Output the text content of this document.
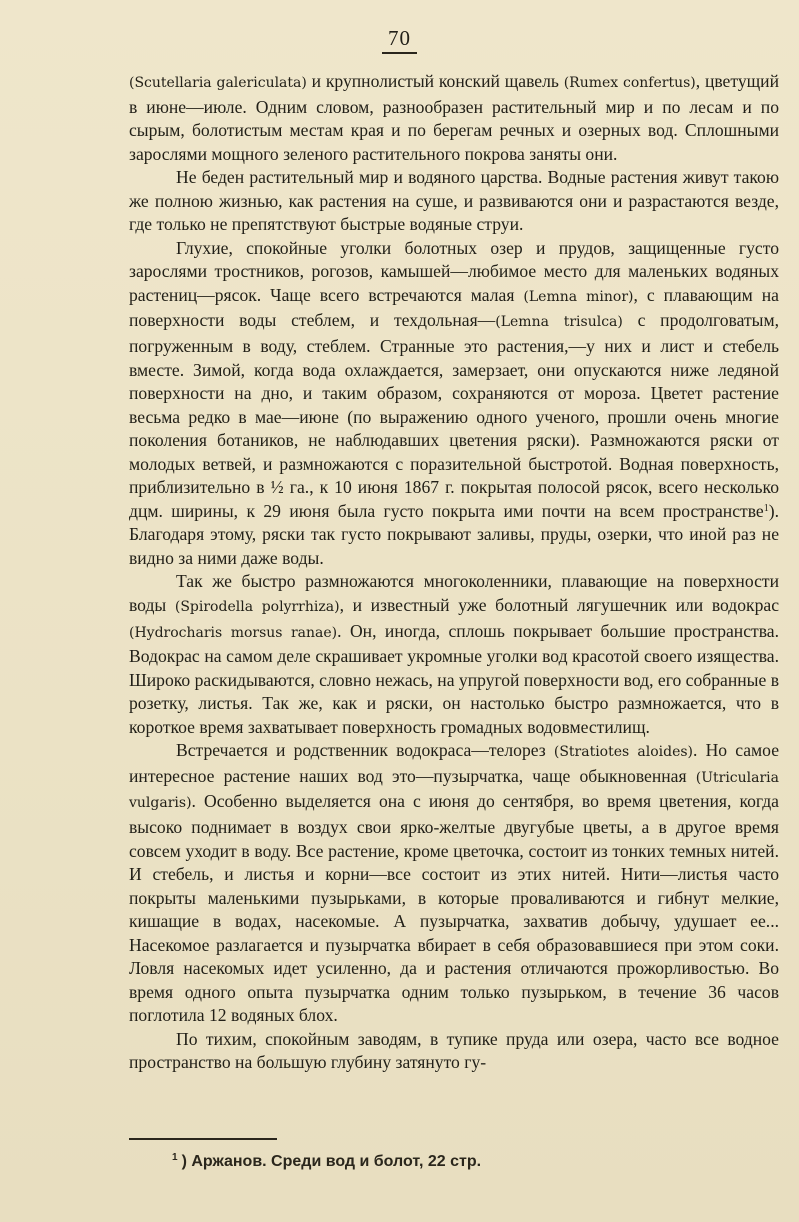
70

(Scutellaria galericulata) и крупнолистый конский щавель (Rumex confertus), цветущий в июне—июле. Одним словом, разнообразен растительный мир и по лесам и по сырым, болотистым местам края и по берегам речных и озерных вод. Сплошными зарослями мощного зеленого растительного покрова заняты они.

Не беден растительный мир и водяного царства. Водные растения живут такою же полною жизнью, как растения на суше, и развиваются они и разрастаются везде, где только не препятствуют быстрые водяные струи.

Глухие, спокойные уголки болотных озер и прудов, защищенные густо зарослями тростников, рогозов, камышей—любимое место для маленьких водяных растениц—рясок. Чаще всего встречаются малая (Lemna minor), с плавающим на поверхности воды стеблем, и техдольная—(Lemna trisulca) с продолговатым, погруженным в воду, стеблем. Странные это растения,—у них и лист и стебель вместе. Зимой, когда вода охлаждается, замерзает, они опускаются ниже ледяной поверхности на дно, и таким образом, сохраняются от мороза. Цветет растение весьма редко в мае—июне (по выражению одного ученого, прошли очень многие поколения ботаников, не наблюдавших цветения ряски). Размножаются ряски от молодых ветвей, и размножаются с поразительной быстротой. Водная поверхность, приблизительно в ½ га., к 10 июня 1867 г. покрытая полосой рясок, всего несколько дцм. ширины, к 29 июня была густо покрыта ими почти на всем пространстве$^1$). Благодаря этому, ряски так густо покрывают заливы, пруды, озерки, что иной раз не видно за ними даже воды.

Так же быстро размножаются многоколенники, плавающие на поверхности воды (Spirodella polyrrhiza), и известный уже болотный лягушечник или водокрас (Hydrocharis morsus ranae). Он, иногда, сплошь покрывает большие пространства. Водокрас на самом деле скрашивает укромные уголки вод красотой своего изящества. Широко раскидываются, словно нежась, на упругой поверхности вод, его собранные в розетку, листья. Так же, как и ряски, он настолько быстро размножается, что в короткое время захватывает поверхность громадных водовместилищ.

Встречается и родственник водокраса—телорез (Stratiotes aloides). Но самое интересное растение наших вод это—пузырчатка, чаще обыкновенная (Utricularia vulgaris). Особенно выделяется она с июня до сентября, во время цветения, когда высоко поднимает в воздух свои ярко-желтые двугубые цветы, а в другое время совсем уходит в воду. Все растение, кроме цветочка, состоит из тонких темных нитей. И стебель, и листья и корни—все состоит из этих нитей. Нити—листья часто покрыты маленькими пузырьками, в которые проваливаются и гибнут мелкие, кишащие в водах, насекомые. А пузырчатка, захватив добычу, удушает ее... Насекомое разлагается и пузырчатка вбирает в себя образовавшиеся при этом соки. Ловля насекомых идет усиленно, да и растения отличаются прожорливостью. Во время одного опыта пузырчатка одним только пузырьком, в течение 36 часов поглотила 12 водяных блох.

По тихим, спокойным заводям, в тупике пруда или озера, часто все водное пространство на большую глубину затянуто гу-

$^1$ ) Аржанов. Среди вод и болот, 22 стр.
